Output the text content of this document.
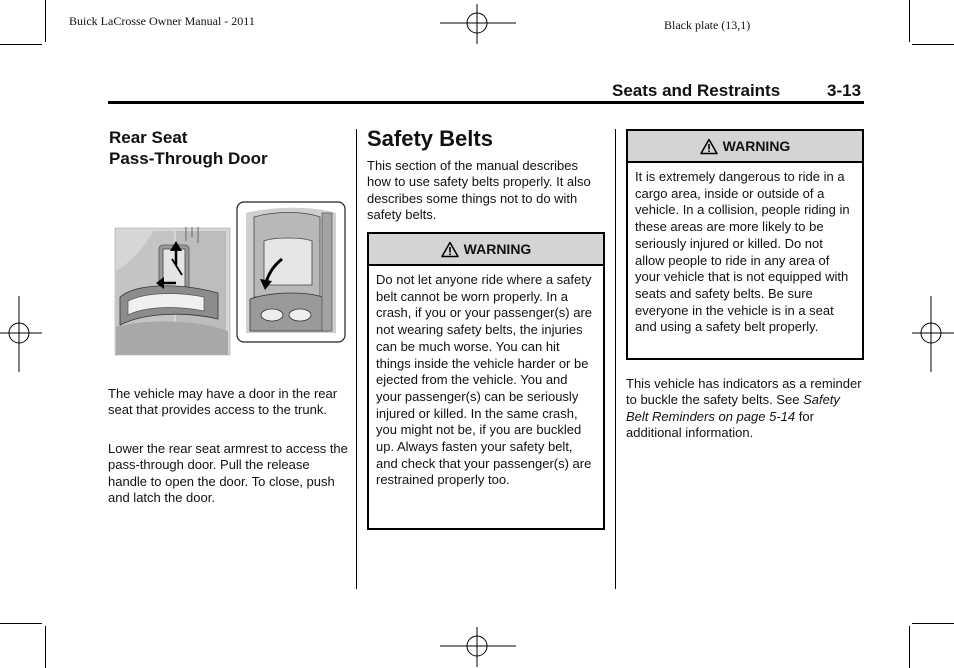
Buick LaCrosse Owner Manual - 2011	Black plate (13,1)
Seats and Restraints	3-13
Rear Seat
Pass-Through Door

The vehicle may have a door in the rear seat that provides access to the trunk.

Lower the rear seat armrest to access the pass-through door. Pull the release handle to open the door. To close, push and latch the door.

Safety Belts

This section of the manual describes how to use safety belts properly. It also describes some things not to do with safety belts.

WARNING

Do not let anyone ride where a safety belt cannot be worn properly. In a crash, if you or your passenger(s) are not wearing safety belts, the injuries can be much worse. You can hit things inside the vehicle harder or be ejected from the vehicle. You and your passenger(s) can be seriously injured or killed. In the same crash, you might not be, if you are buckled up. Always fasten your safety belt, and check that your passenger(s) are restrained properly too.

WARNING

It is extremely dangerous to ride in a cargo area, inside or outside of a vehicle. In a collision, people riding in these areas are more likely to be seriously injured or killed. Do not allow people to ride in any area of your vehicle that is not equipped with seats and safety belts. Be sure everyone in the vehicle is in a seat and using a safety belt properly.

This vehicle has indicators as a reminder to buckle the safety belts. See Safety Belt Reminders on page 5-14 for additional information.
